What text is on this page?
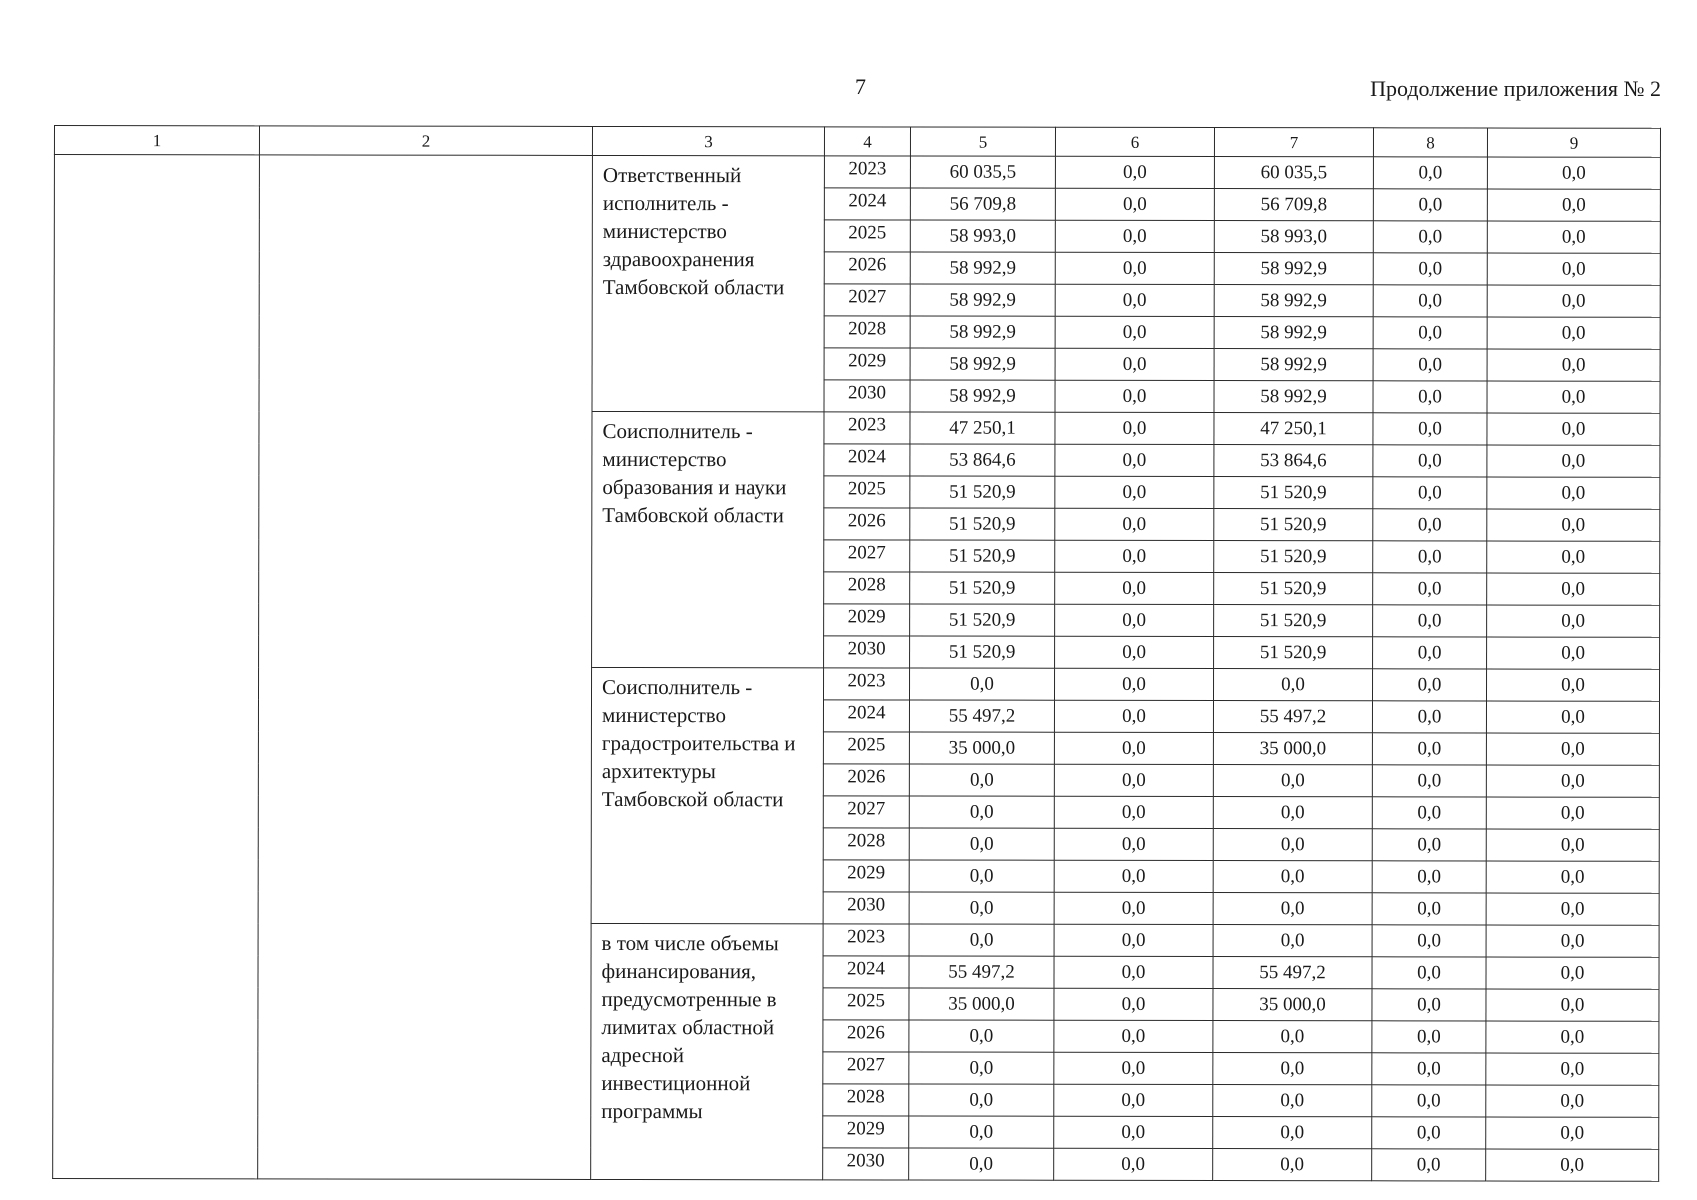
7	Продолжение приложения № 2
1	2	3	4	5	6	7	8	9
		Ответственный исполнитель - министерство здравоохранения Тамбовской области	2023	60 035,5	0,0	60 035,5	0,0	0,0
			2024	56 709,8	0,0	56 709,8	0,0	0,0
			2025	58 993,0	0,0	58 993,0	0,0	0,0
			2026	58 992,9	0,0	58 992,9	0,0	0,0
			2027	58 992,9	0,0	58 992,9	0,0	0,0
			2028	58 992,9	0,0	58 992,9	0,0	0,0
			2029	58 992,9	0,0	58 992,9	0,0	0,0
			2030	58 992,9	0,0	58 992,9	0,0	0,0
		Соисполнитель - министерство образования и науки Тамбовской области	2023	47 250,1	0,0	47 250,1	0,0	0,0
			2024	53 864,6	0,0	53 864,6	0,0	0,0
			2025	51 520,9	0,0	51 520,9	0,0	0,0
			2026	51 520,9	0,0	51 520,9	0,0	0,0
			2027	51 520,9	0,0	51 520,9	0,0	0,0
			2028	51 520,9	0,0	51 520,9	0,0	0,0
			2029	51 520,9	0,0	51 520,9	0,0	0,0
			2030	51 520,9	0,0	51 520,9	0,0	0,0
		Соисполнитель - министерство градостроительства и архитектуры Тамбовской области	2023	0,0	0,0	0,0	0,0	0,0
			2024	55 497,2	0,0	55 497,2	0,0	0,0
			2025	35 000,0	0,0	35 000,0	0,0	0,0
			2026	0,0	0,0	0,0	0,0	0,0
			2027	0,0	0,0	0,0	0,0	0,0
			2028	0,0	0,0	0,0	0,0	0,0
			2029	0,0	0,0	0,0	0,0	0,0
			2030	0,0	0,0	0,0	0,0	0,0
		в том числе объемы финансирования, предусмотренные в лимитах областной адресной инвестиционной программы	2023	0,0	0,0	0,0	0,0	0,0
			2024	55 497,2	0,0	55 497,2	0,0	0,0
			2025	35 000,0	0,0	35 000,0	0,0	0,0
			2026	0,0	0,0	0,0	0,0	0,0
			2027	0,0	0,0	0,0	0,0	0,0
			2028	0,0	0,0	0,0	0,0	0,0
			2029	0,0	0,0	0,0	0,0	0,0
			2030	0,0	0,0	0,0	0,0	0,0
